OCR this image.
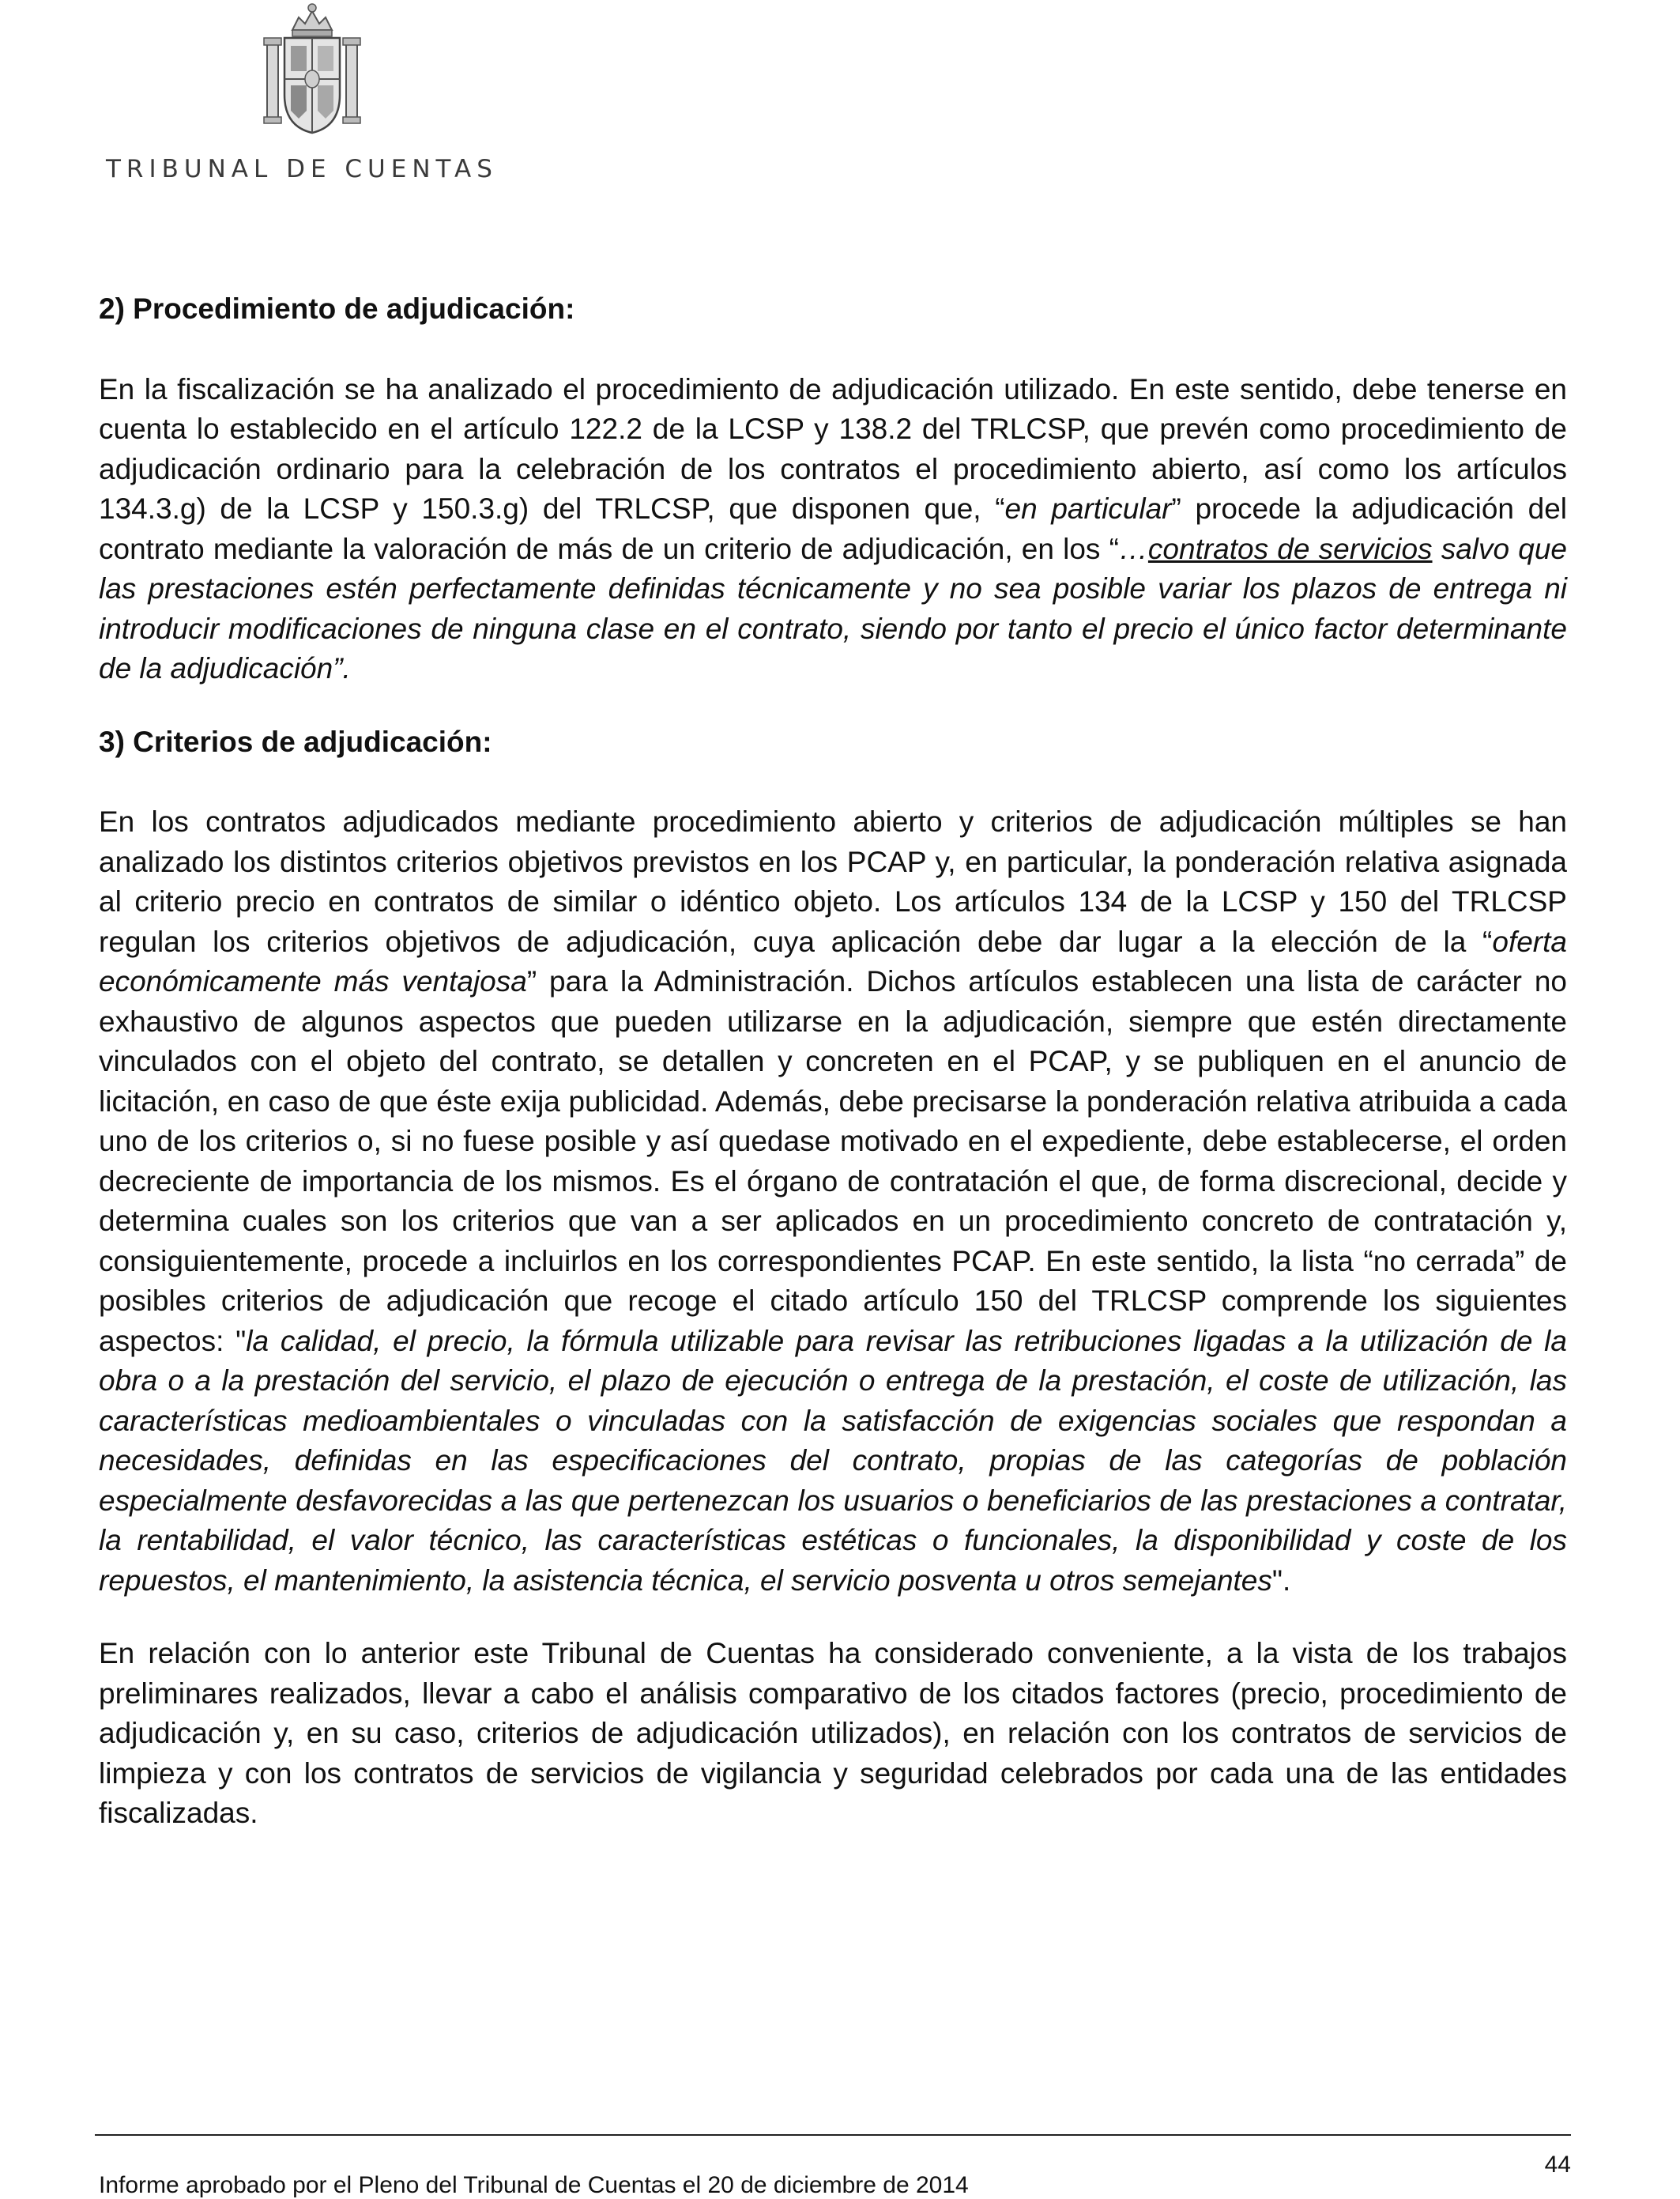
TRIBUNAL DE CUENTAS
2) Procedimiento de adjudicación:

En la fiscalización se ha analizado el procedimiento de adjudicación utilizado. En este sentido, debe tenerse en cuenta lo establecido en el artículo 122.2 de la LCSP y 138.2 del TRLCSP, que prevén como procedimiento de adjudicación ordinario para la celebración de los contratos el procedimiento abierto, así como los artículos 134.3.g) de la LCSP y 150.3.g) del TRLCSP, que disponen que, “en particular” procede la adjudicación del contrato mediante la valoración de más de un criterio de adjudicación, en los “…contratos de servicios salvo que las prestaciones estén perfectamente definidas técnicamente y no sea posible variar los plazos de entrega ni introducir modificaciones de ninguna clase en el contrato, siendo por tanto el precio el único factor determinante de la adjudicación”.

3) Criterios de adjudicación:

En los contratos adjudicados mediante procedimiento abierto y criterios de adjudicación múltiples se han analizado los distintos criterios objetivos previstos en los PCAP y, en particular, la ponderación relativa asignada al criterio precio en contratos de similar o idéntico objeto. Los artículos 134 de la LCSP y 150 del TRLCSP regulan los criterios objetivos de adjudicación, cuya aplicación debe dar lugar a la elección de la “oferta económicamente más ventajosa” para la Administración. Dichos artículos establecen una lista de carácter no exhaustivo de algunos aspectos que pueden utilizarse en la adjudicación, siempre que estén directamente vinculados con el objeto del contrato, se detallen y concreten en el PCAP, y se publiquen en el anuncio de licitación, en caso de que éste exija publicidad. Además, debe precisarse la ponderación relativa atribuida a cada uno de los criterios o, si no fuese posible y así quedase motivado en el expediente, debe establecerse, el orden decreciente de importancia de los mismos. Es el órgano de contratación el que, de forma discrecional, decide y determina cuales son los criterios que van a ser aplicados en un procedimiento concreto de contratación y, consiguientemente, procede a incluirlos en los correspondientes PCAP. En este sentido, la lista “no cerrada” de posibles criterios de adjudicación que recoge el citado artículo 150 del TRLCSP comprende los siguientes aspectos: "la calidad, el precio, la fórmula utilizable para revisar las retribuciones ligadas a la utilización de la obra o a la prestación del servicio, el plazo de ejecución o entrega de la prestación, el coste de utilización, las características medioambientales o vinculadas con la satisfacción de exigencias sociales que respondan a necesidades, definidas en las especificaciones del contrato, propias de las categorías de población especialmente desfavorecidas a las que pertenezcan los usuarios o beneficiarios de las prestaciones a contratar, la rentabilidad, el valor técnico, las características estéticas o funcionales, la disponibilidad y coste de los repuestos, el mantenimiento, la asistencia técnica, el servicio posventa u otros semejantes".

En relación con lo anterior este Tribunal de Cuentas ha considerado conveniente, a la vista de los trabajos preliminares realizados, llevar a cabo el análisis comparativo de los citados factores (precio, procedimiento de adjudicación y, en su caso, criterios de adjudicación utilizados), en relación con los contratos de servicios de limpieza y con los contratos de servicios de vigilancia y seguridad celebrados por cada una de las entidades fiscalizadas.

44
Informe aprobado por el Pleno del Tribunal de Cuentas el 20 de diciembre de 2014
